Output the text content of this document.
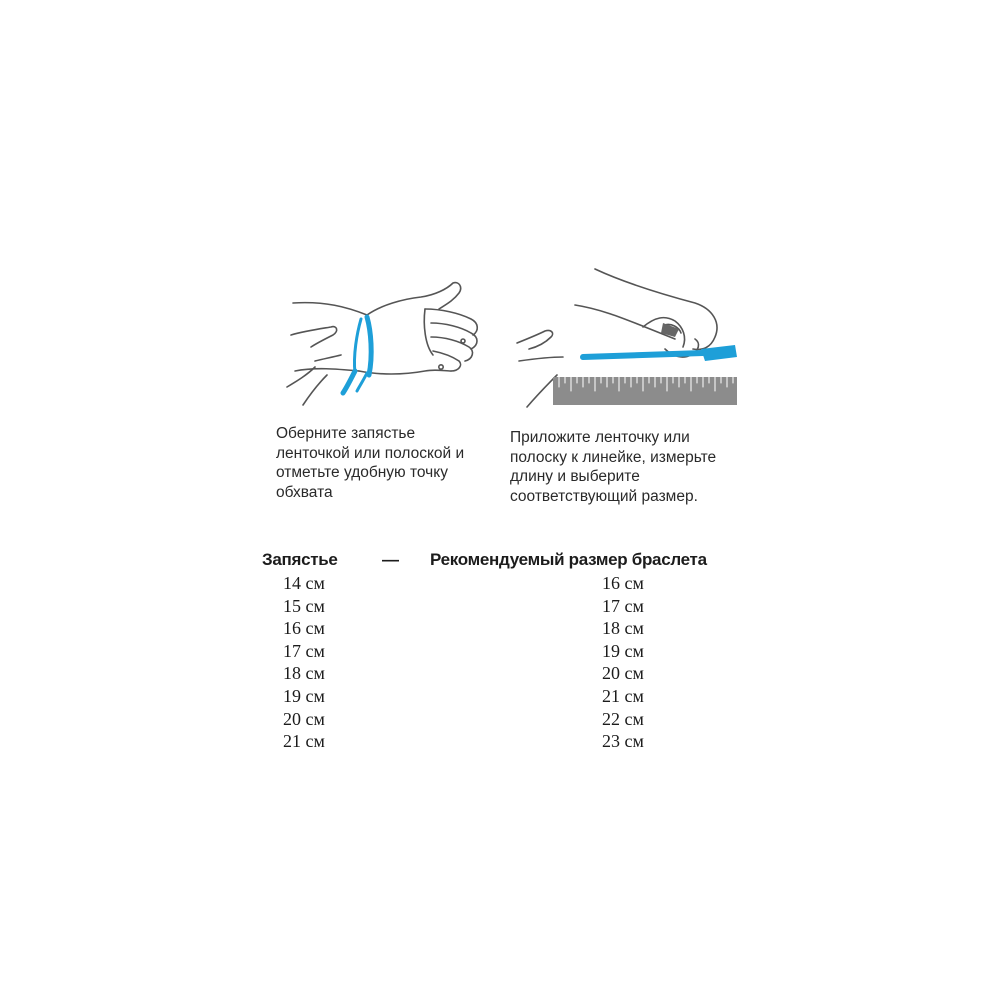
Оберните запястье
ленточкой или полоской и
отметьте удобную точку
обхвата
Приложите ленточку или
полоску к линейке, измерьте
длину и выберите
соответствующий размер.
Запястье	— Рекомендуемый размер браслета
14 см
15 см
16 см
17 см
18 см
19 см
20 см
21 см
16 см
17 см
18 см
19 см
20 см
21 см
22 см
23 см
